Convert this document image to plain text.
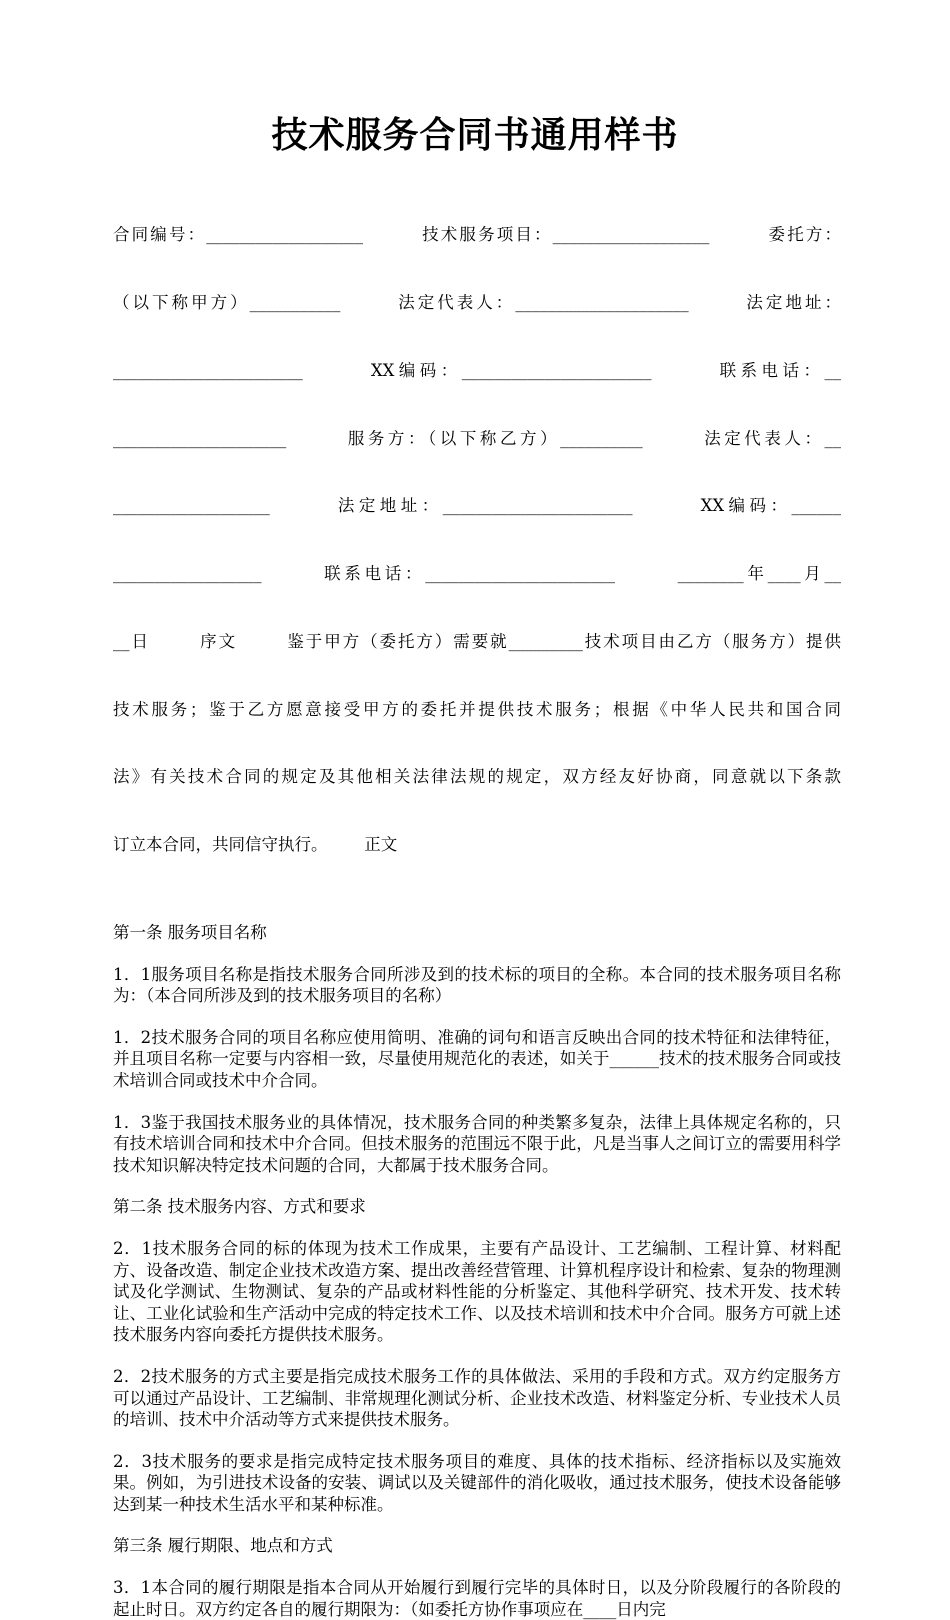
技术服务合同书通用样书

合同编号：___________________        技术服务项目：___________________        委托方：

（以下称甲方）___________       法定代表人：_____________________       法定地址：

_______________________       XX编码：_______________________       联系电话：__

_____________________       服务方：（以下称乙方）__________       法定代表人：__

___________________       法定地址：_______________________       XX编码：______

__________________       联系电话：_______________________       ________年____月__

__日       序文       鉴于甲方（委托方）需要就_________技术项目由乙方（服务方）提供

技术服务；鉴于乙方愿意接受甲方的委托并提供技术服务；根据《中华人民共和国合同

法》有关技术合同的规定及其他相关法律法规的规定，双方经友好协商，同意就以下条款

订立本合同，共同信守执行。       正文

第一条 服务项目名称

1．1服务项目名称是指技术服务合同所涉及到的技术标的项目的全称。本合同的技术服务项目名称为：（本合同所涉及到的技术服务项目的名称）

1．2技术服务合同的项目名称应使用简明、准确的词句和语言反映出合同的技术特征和法律特征，并且项目名称一定要与内容相一致，尽量使用规范化的表述，如关于______技术的技术服务合同或技术培训合同或技术中介合同。

1．3鉴于我国技术服务业的具体情况，技术服务合同的种类繁多复杂，法律上具体规定名称的，只有技术培训合同和技术中介合同。但技术服务的范围远不限于此，凡是当事人之间订立的需要用科学技术知识解决特定技术问题的合同，大都属于技术服务合同。

第二条 技术服务内容、方式和要求

2．1技术服务合同的标的体现为技术工作成果，主要有产品设计、工艺编制、工程计算、材料配方、设备改造、制定企业技术改造方案、提出改善经营管理、计算机程序设计和检索、复杂的物理测试及化学测试、生物测试、复杂的产品或材料性能的分析鉴定、其他科学研究、技术开发、技术转让、工业化试验和生产活动中完成的特定技术工作、以及技术培训和技术中介合同。服务方可就上述技术服务内容向委托方提供技术服务。

2．2技术服务的方式主要是指完成技术服务工作的具体做法、采用的手段和方式。双方约定服务方可以通过产品设计、工艺编制、非常规理化测试分析、企业技术改造、材料鉴定分析、专业技术人员的培训、技术中介活动等方式来提供技术服务。

2．3技术服务的要求是指完成特定技术服务项目的难度、具体的技术指标、经济指标以及实施效果。例如，为引进技术设备的安装、调试以及关键部件的消化吸收，通过技术服务，使技术设备能够达到某一种技术生活水平和某种标准。

第三条 履行期限、地点和方式

3．1本合同的履行期限是指本合同从开始履行到履行完毕的具体时日，以及分阶段履行的各阶段的起止时日。双方约定各自的履行期限为：（如委托方协作事项应在____日内完
